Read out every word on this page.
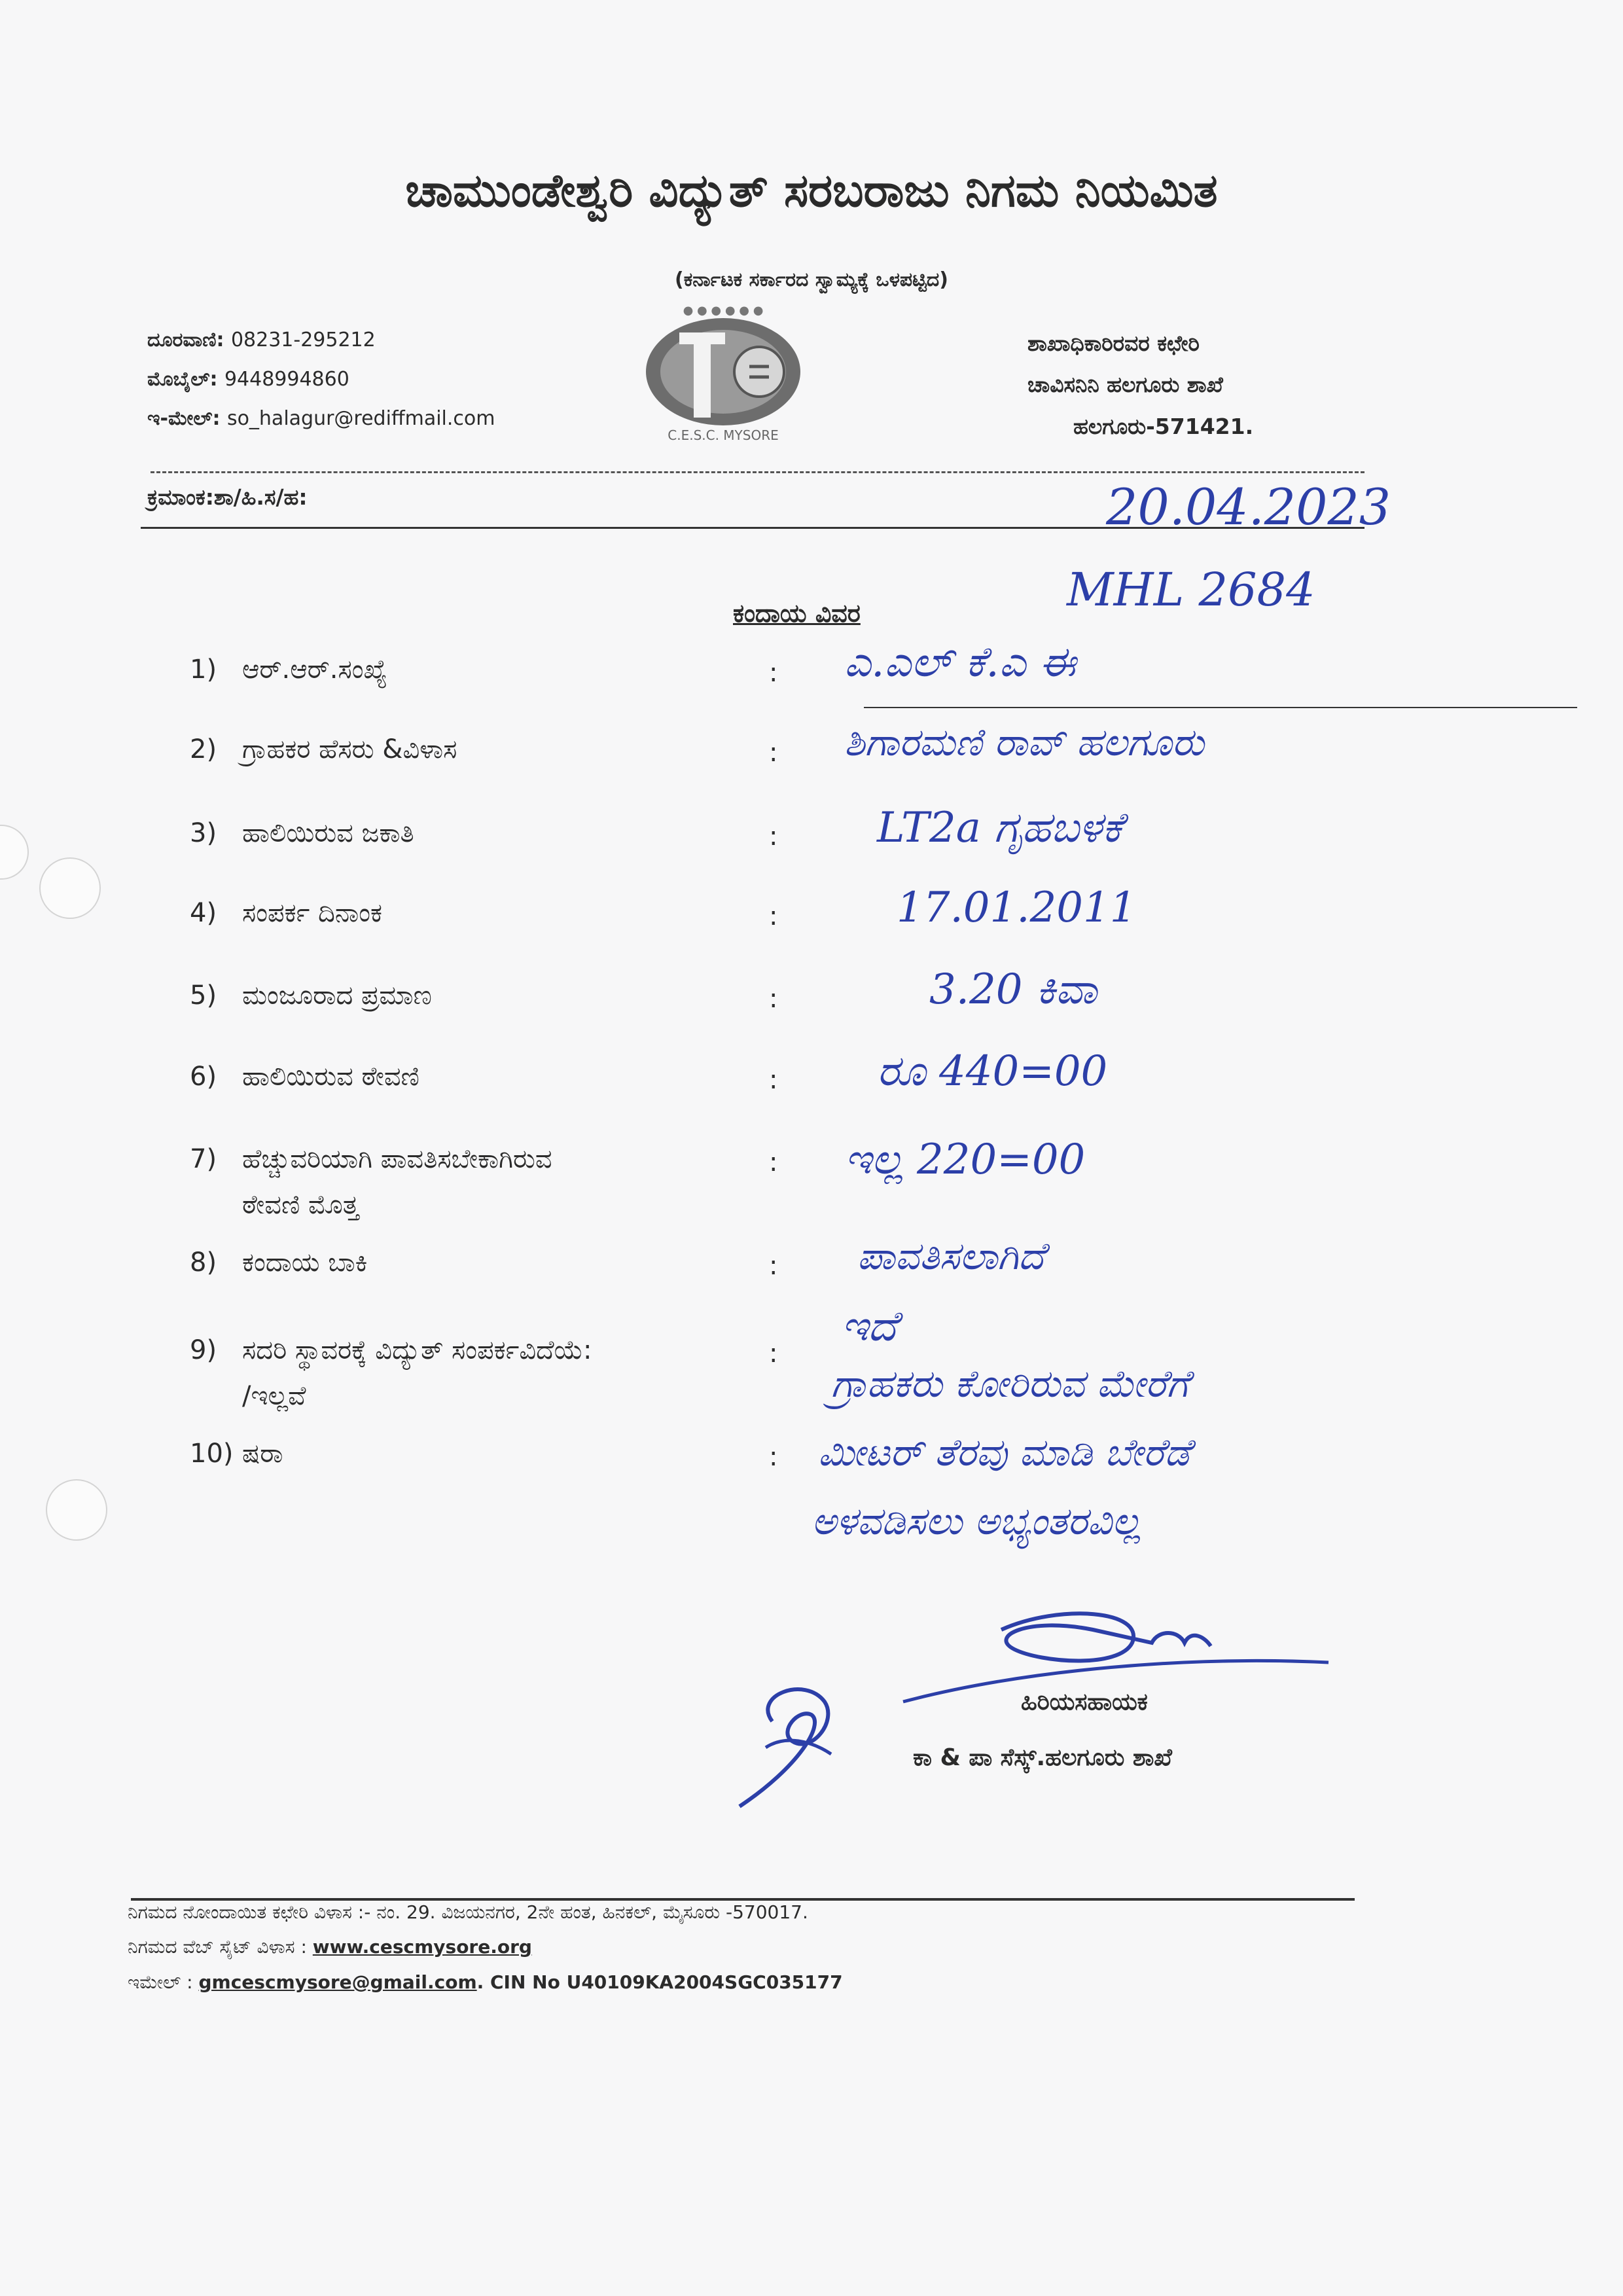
ಚಾಮುಂಡೇಶ್ವರಿ ವಿದ್ಯುತ್ ಸರಬರಾಜು ನಿಗಮ ನಿಯಮಿತ
(ಕರ್ನಾಟಕ ಸರ್ಕಾರದ ಸ್ವಾಮ್ಯಕ್ಕೆ ಒಳಪಟ್ಟಿದ)
ದೂರವಾಣಿ: 08231-295212
ಮೊಬೈಲ್: 9448994860
ಇ-ಮೇಲ್: so_halagur@rediffmail.com
● ● ● ● ● ●
C.E.S.C. MYSORE
ಶಾಖಾಧಿಕಾರಿರವರ ಕಛೇರಿ
ಚಾವಿಸನಿನಿ ಹಲಗೂರು ಶಾಖೆ
ಹಲಗೂರು-571421.
ಕ್ರಮಾಂಕ:ಶಾ/ಹಿ.ಸ/ಹ:	20.04.2023
MHL 2684
ಕಂದಾಯ ವಿವರ
1) ಆರ್.ಆರ್.ಸಂಖ್ಯೆ	: ಎ.ಎಲ್ ಕೆ.ಎ ಈ
2) ಗ್ರಾಹಕರ ಹೆಸರು &ವಿಳಾಸ	: ಶಿಗಾರಮಣಿ ರಾವ್ ಹಲಗೂರು
3) ಹಾಲಿಯಿರುವ ಜಕಾತಿ	: LT2a ಗೃಹಬಳಕೆ
4) ಸಂಪರ್ಕ ದಿನಾಂಕ	:	17.01.2011
5) ಮಂಜೂರಾದ ಪ್ರಮಾಣ	:	3.20 ಕಿವಾ
6) ಹಾಲಿಯಿರುವ ಠೇವಣಿ	: ರೂ 440=00
7) ಹೆಚ್ಚುವರಿಯಾಗಿ ಪಾವತಿಸಬೇಕಾಗಿರುವ
ಠೇವಣಿ ಮೊತ್ತ
: ಇಲ್ಲ 220=00
8) ಕಂದಾಯ ಬಾಕಿ	: ಪಾವತಿಸಲಾಗಿದೆ
9) ಸದರಿ ಸ್ಥಾವರಕ್ಕೆ ವಿದ್ಯುತ್ ಸಂಪರ್ಕವಿದೆಯೆ:
/ಇಲ್ಲವೆ
:
ಇದೆ
10) ಷರಾ	:
ಗ್ರಾಹಕರು ಕೋರಿರುವ ಮೇರೆಗೆ
ಮೀಟರ್ ತೆರವು ಮಾಡಿ ಬೇರೆಡೆ
ಅಳವಡಿಸಲು ಅಭ್ಯಂತರವಿಲ್ಲ
ಹಿರಿಯಸಹಾಯಕ
ಕಾ & ಪಾ ಸೆಸ್ಕ್.ಹಲಗೂರು ಶಾಖೆ
ನಿಗಮದ ನೋಂದಾಯಿತ ಕಛೇರಿ ವಿಳಾಸ :- ನಂ. 29. ವಿಜಯನಗರ, 2ನೇ ಹಂತ, ಹಿನಕಲ್, ಮೈಸೂರು -570017.
ನಿಗಮದ ವೆಬ್ ಸೈಟ್ ವಿಳಾಸ : www.cescmysore.org
ಇಮೇಲ್ : gmcescmysore@gmail.com. CIN No U40109KA2004SGC035177
